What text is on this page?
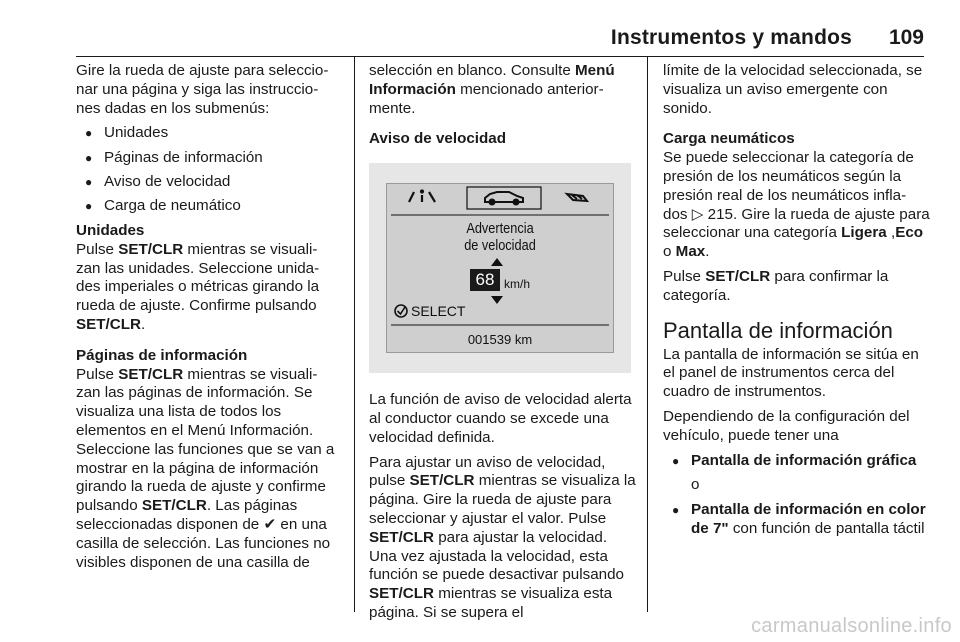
Instrumentos y mandos 109

Gire la rueda de ajuste para seleccio‐ nar una página y siga las instruccio‐ nes dadas en los submenús:

● Unidades
● Páginas de información
● Aviso de velocidad
● Carga de neumático

Unidades

Pulse SET/CLR mientras se visuali‐ zan las unidades. Seleccione unida‐ des imperiales o métricas girando la rueda de ajuste. Confirme pulsando SET/CLR.

Páginas de información

Pulse SET/CLR mientras se visuali‐ zan las páginas de información. Se visualiza una lista de todos los elementos en el Menú Información. Seleccione las funciones que se van a mostrar en la página de información girando la rueda de ajuste y confirme pulsando SET/CLR. Las páginas seleccionadas disponen de ✔ en una casilla de selección. Las funciones no visibles disponen de una casilla de

selección en blanco. Consulte Menú Información mencionado anterior‐ mente.

Aviso de velocidad

Advertencia
de velocidad
68 km/h
SELECT
001539 km

La función de aviso de velocidad alerta al conductor cuando se excede una velocidad definida.

Para ajustar un aviso de velocidad, pulse SET/CLR mientras se visualiza la página. Gire la rueda de ajuste para seleccionar y ajustar el valor. Pulse SET/CLR para ajustar la velocidad. Una vez ajustada la velocidad, esta función se puede desactivar pulsando SET/CLR mientras se visualiza esta página. Si se supera el

límite de la velocidad seleccionada, se visualiza un aviso emergente con sonido.

Carga neumáticos

Se puede seleccionar la categoría de presión de los neumáticos según la presión real de los neumáticos infla‐ dos ▷ 215. Gire la rueda de ajuste para seleccionar una categoría Ligera ,Eco o Max.

Pulse SET/CLR para confirmar la categoría.

Pantalla de información

La pantalla de información se sitúa en el panel de instrumentos cerca del cuadro de instrumentos.

Dependiendo de la configuración del vehículo, puede tener una

● Pantalla de información gráfica

o

● Pantalla de información en color de 7" con función de pantalla táctil
carmanualsonline.info
